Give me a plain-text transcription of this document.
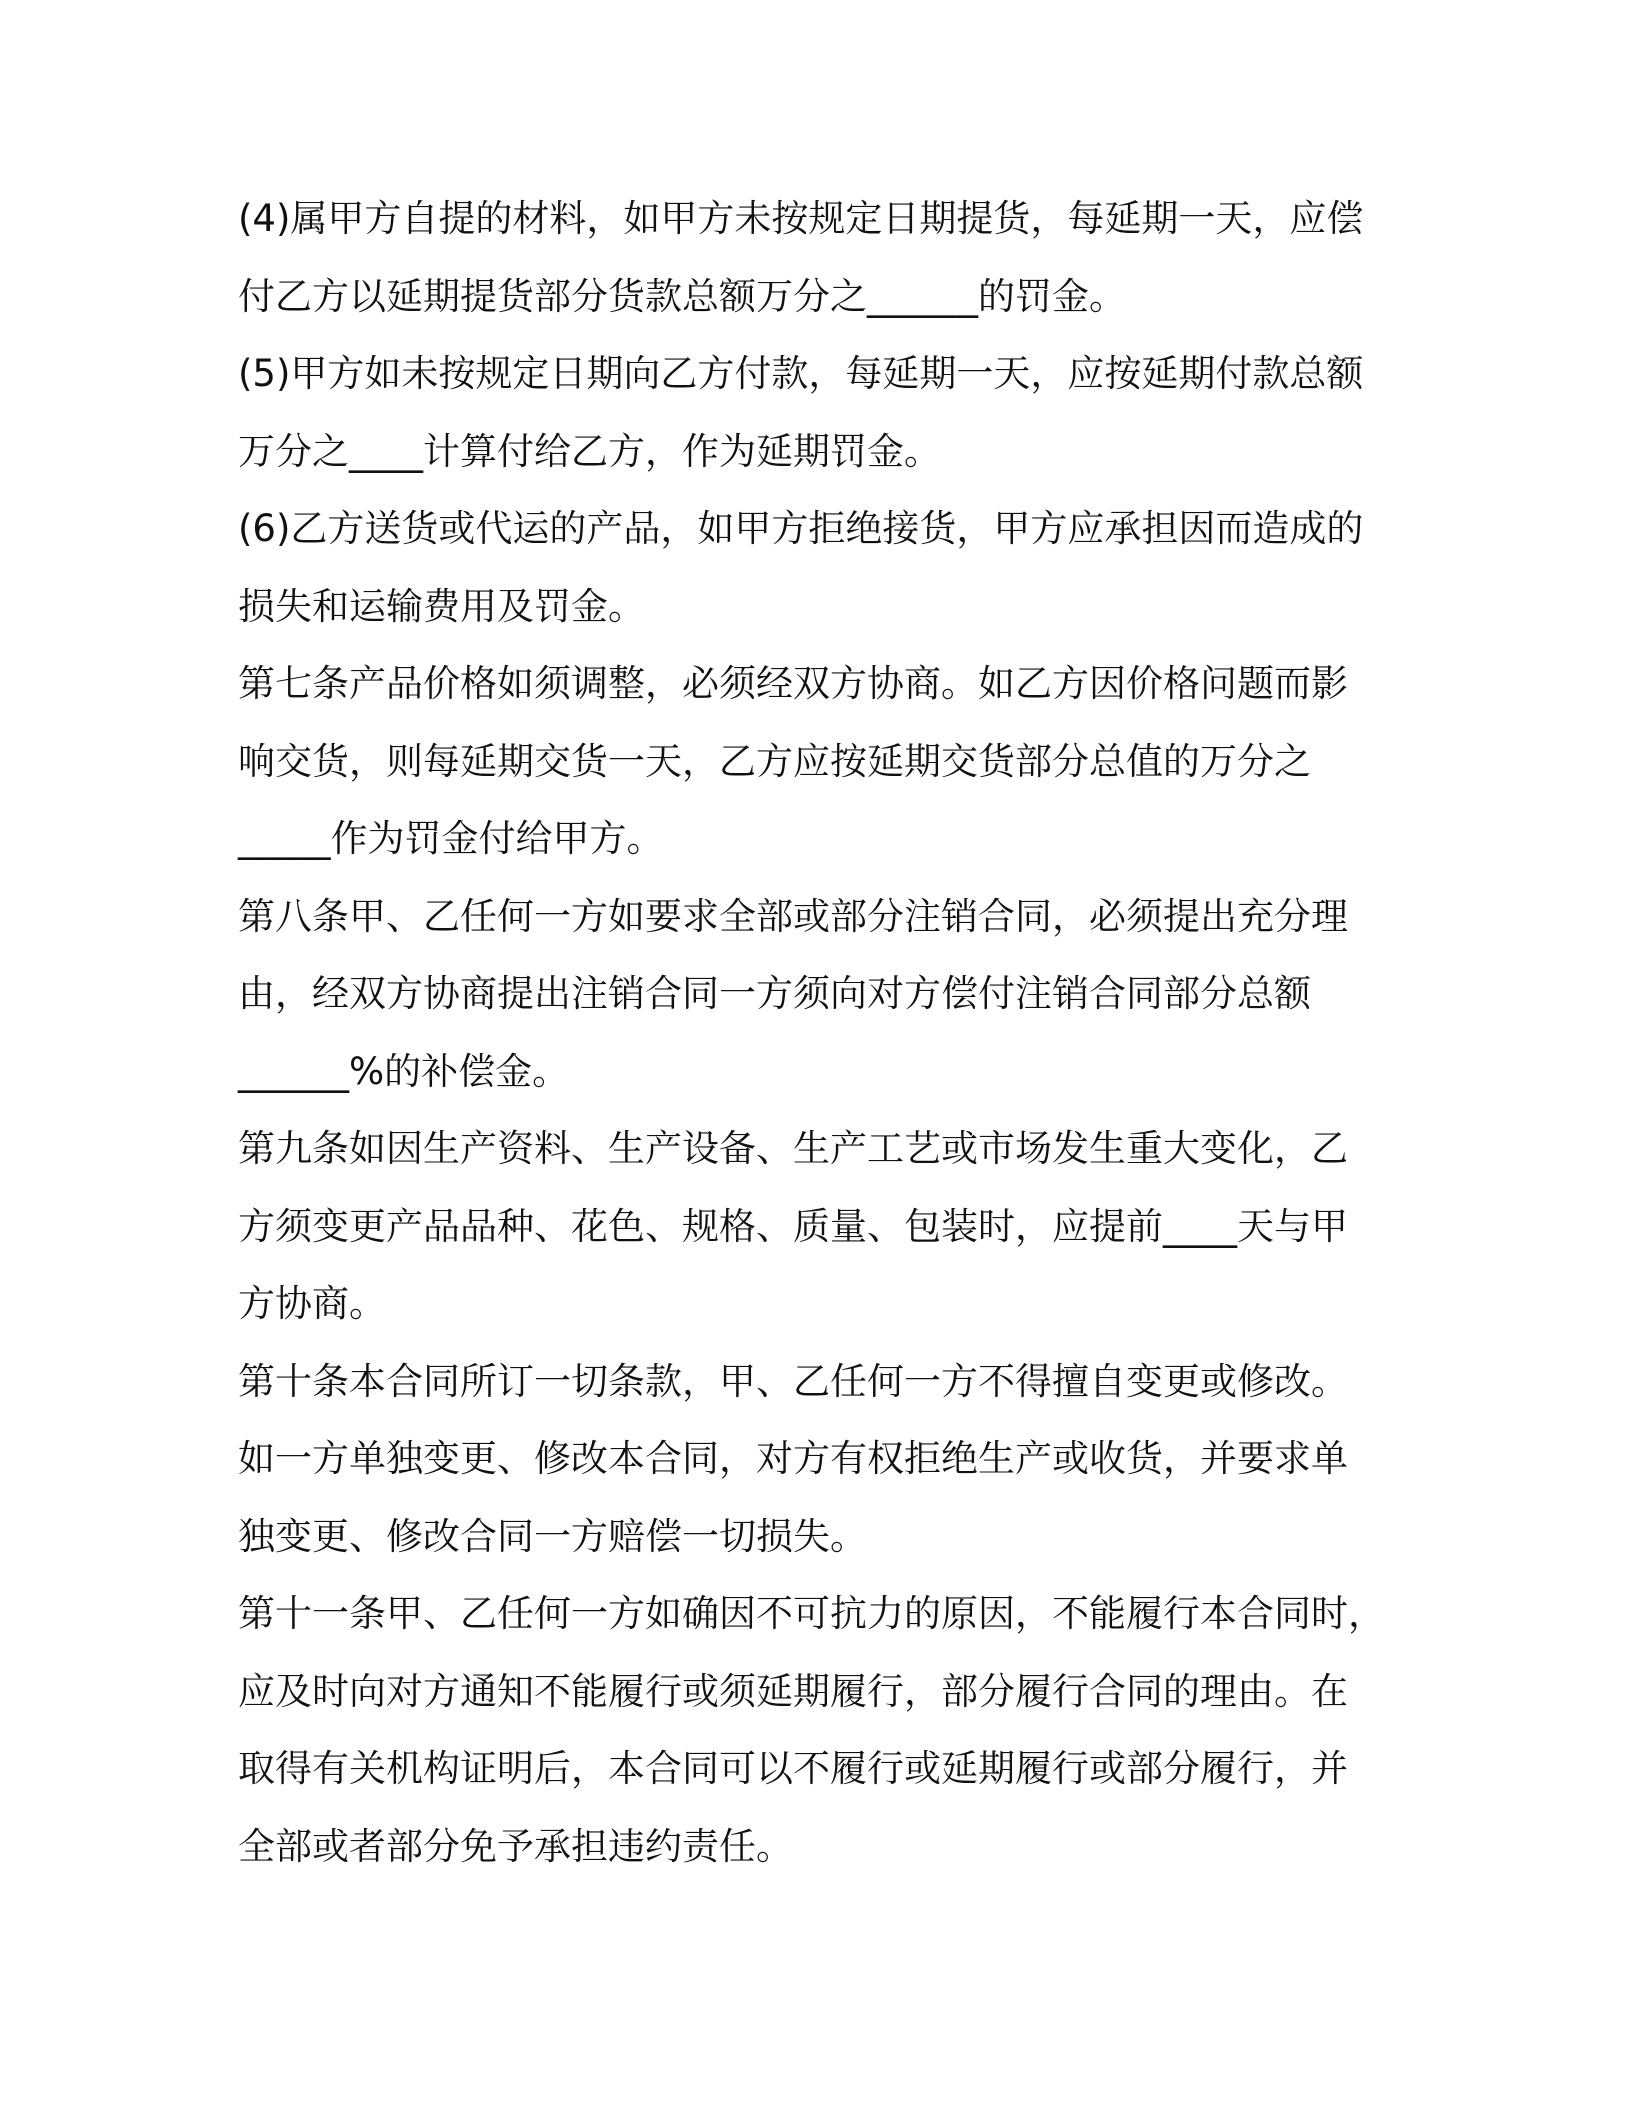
(4)属甲方自提的材料，如甲方未按规定日期提货，每延期一天，应偿
付乙方以延期提货部分货款总额万分之______的罚金。

(5)甲方如未按规定日期向乙方付款，每延期一天，应按延期付款总额
万分之____计算付给乙方，作为延期罚金。

(6)乙方送货或代运的产品，如甲方拒绝接货，甲方应承担因而造成的
损失和运输费用及罚金。

第七条产品价格如须调整，必须经双方协商。如乙方因价格问题而影
响交货，则每延期交货一天，乙方应按延期交货部分总值的万分之
_____作为罚金付给甲方。

第八条甲、乙任何一方如要求全部或部分注销合同，必须提出充分理
由，经双方协商提出注销合同一方须向对方偿付注销合同部分总额
______%的补偿金。

第九条如因生产资料、生产设备、生产工艺或市场发生重大变化，乙
方须变更产品品种、花色、规格、质量、包装时，应提前____天与甲
方协商。

第十条本合同所订一切条款，甲、乙任何一方不得擅自变更或修改。
如一方单独变更、修改本合同，对方有权拒绝生产或收货，并要求单
独变更、修改合同一方赔偿一切损失。

第十一条甲、乙任何一方如确因不可抗力的原因，不能履行本合同时，
应及时向对方通知不能履行或须延期履行，部分履行合同的理由。在
取得有关机构证明后，本合同可以不履行或延期履行或部分履行，并
全部或者部分免予承担违约责任。
